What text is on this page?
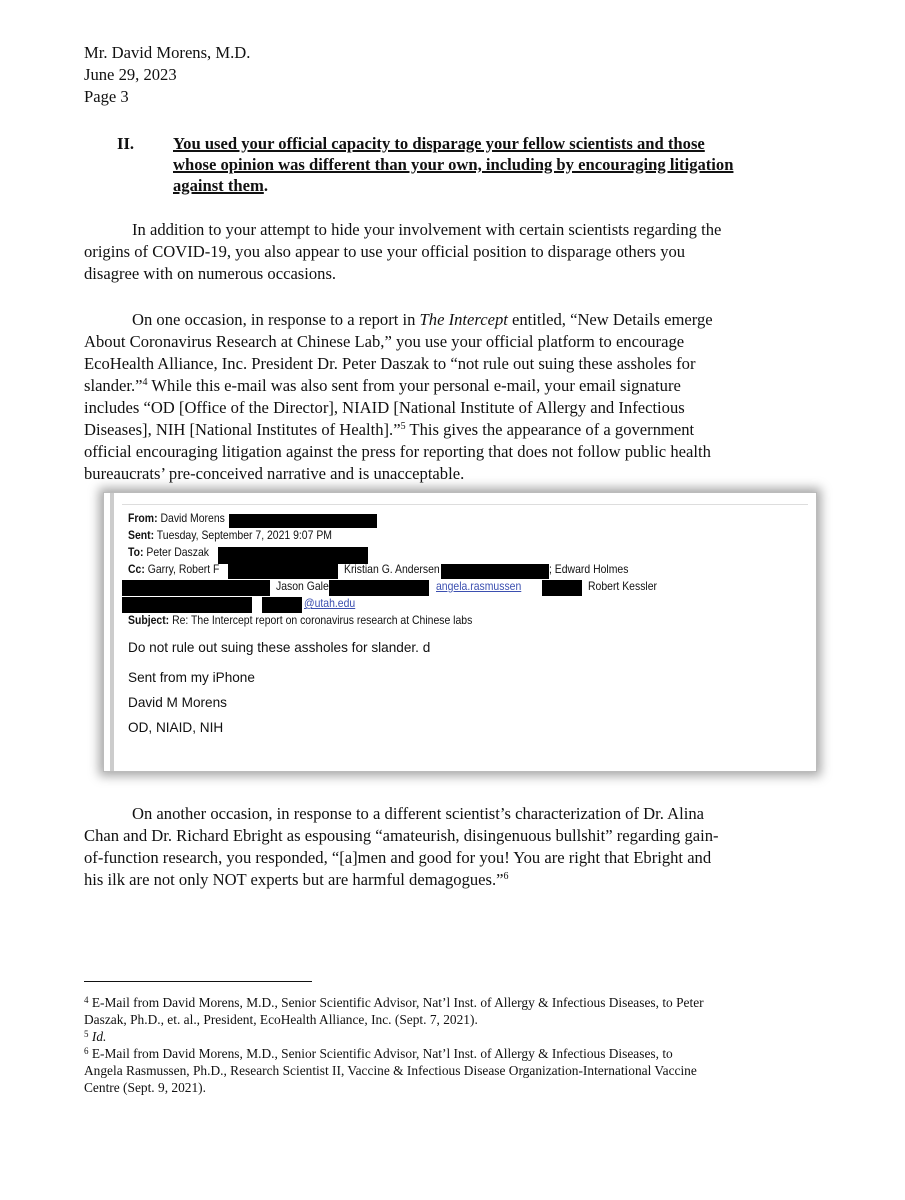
Mr. David Morens, M.D.
June 29, 2023
Page 3
II. You used your official capacity to disparage your fellow scientists and those
whose opinion was different than your own, including by encouraging litigation
against them.
In addition to your attempt to hide your involvement with certain scientists regarding the
origins of COVID-19, you also appear to use your official position to disparage others you
disagree with on numerous occasions.
On one occasion, in response to a report in The Intercept entitled, “New Details emerge
About Coronavirus Research at Chinese Lab,” you use your official platform to encourage
EcoHealth Alliance, Inc. President Dr. Peter Daszak to “not rule out suing these assholes for
slander.”$^4$ While this e-mail was also sent from your personal e-mail, your email signature
includes “OD [Office of the Director], NIAID [National Institute of Allergy and Infectious
Diseases], NIH [National Institutes of Health].”$^5$ This gives the appearance of a government
official encouraging litigation against the press for reporting that does not follow public health
bureaucrats’ pre-conceived narrative and is unacceptable.
From: David Morens
Sent: Tuesday, September 7, 2021 9:07 PM
To: Peter Daszak
Cc: Garry, Robert F	Kristian G. Andersen	; Edward Holmes
Jason Gale	angela.rasmussen	Robert Kessler
@utah.edu
Subject: Re: The Intercept report on coronavirus research at Chinese labs
Do not rule out suing these assholes for slander. d
Sent from my iPhone
David M Morens
OD, NIAID, NIH
On another occasion, in response to a different scientist’s characterization of Dr. Alina
Chan and Dr. Richard Ebright as espousing “amateurish, disingenuous bullshit” regarding gain-
of-function research, you responded, “[a]men and good for you! You are right that Ebright and
his ilk are not only NOT experts but are harmful demagogues.”$^6$
$^4$ E-Mail from David Morens, M.D., Senior Scientific Advisor, Nat’l Inst. of Allergy & Infectious Diseases, to Peter
Daszak, Ph.D., et. al., President, EcoHealth Alliance, Inc. (Sept. 7, 2021).
$^5$ Id.
$^6$ E-Mail from David Morens, M.D., Senior Scientific Advisor, Nat’l Inst. of Allergy & Infectious Diseases, to
Angela Rasmussen, Ph.D., Research Scientist II, Vaccine & Infectious Disease Organization-International Vaccine
Centre (Sept. 9, 2021).
